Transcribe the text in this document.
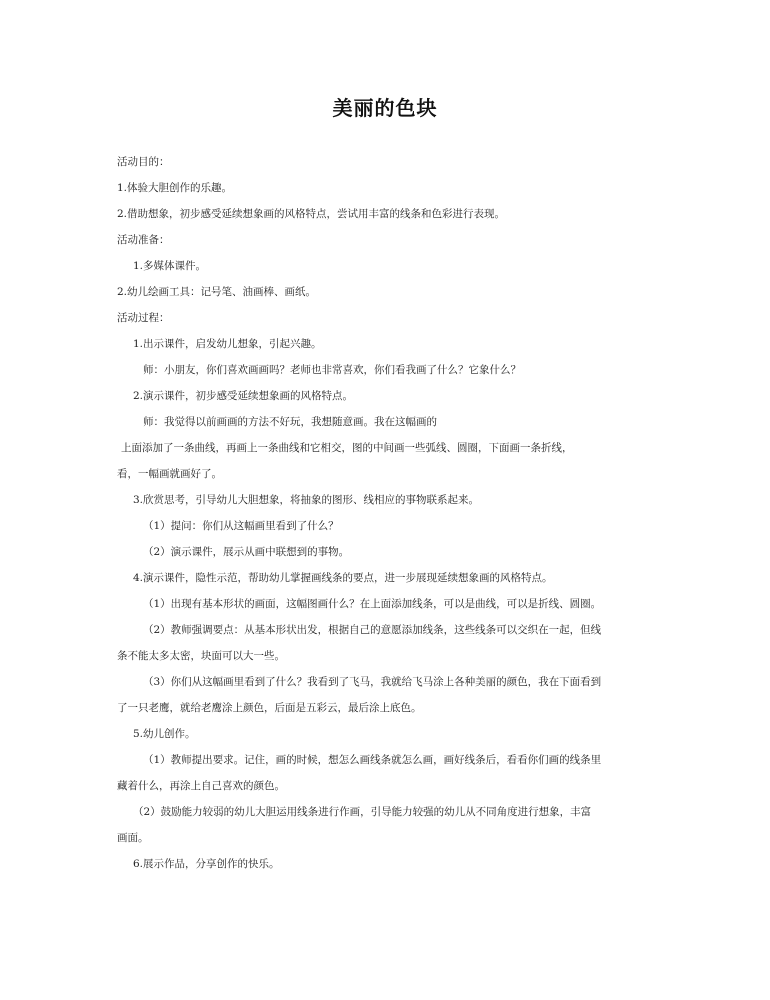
美丽的色块
活动目的：
1.体验大胆创作的乐趣。
2.借助想象，初步感受延续想象画的风格特点，尝试用丰富的线条和色彩进行表现。
活动准备：
1.多媒体课件。
2.幼儿绘画工具：记号笔、油画棒、画纸。
活动过程：
1.出示课件，启发幼儿想象，引起兴趣。
师：小朋友，你们喜欢画画吗？老师也非常喜欢，你们看我画了什么？它象什么？
2.演示课件，初步感受延续想象画的风格特点。
师：我觉得以前画画的方法不好玩，我想随意画。我在这幅画的
上面添加了一条曲线，再画上一条曲线和它相交，图的中间画一些弧线、圆圈，下面画一条折线，
看，一幅画就画好了。
3.欣赏思考，引导幼儿大胆想象，将抽象的图形、线相应的事物联系起来。
（1）提问：你们从这幅画里看到了什么？
（2）演示课件，展示从画中联想到的事物。
4.演示课件，隐性示范，帮助幼儿掌握画线条的要点，进一步展现延续想象画的风格特点。
（1）出现有基本形状的画面，这幅图画什么？在上面添加线条，可以是曲线，可以是折线、圆圈。
（2）教师强调要点：从基本形状出发，根据自己的意愿添加线条，这些线条可以交织在一起，但线
条不能太多太密，块面可以大一些。
（3）你们从这幅画里看到了什么？我看到了飞马，我就给飞马涂上各种美丽的颜色，我在下面看到
了一只老鹰，就给老鹰涂上颜色，后面是五彩云，最后涂上底色。
5.幼儿创作。
（1）教师提出要求。记住，画的时候，想怎么画线条就怎么画，画好线条后，看看你们画的线条里
藏着什么，再涂上自己喜欢的颜色。
（2）鼓励能力较弱的幼儿大胆运用线条进行作画，引导能力较强的幼儿从不同角度进行想象，丰富
画面。
6.展示作品，分享创作的快乐。
